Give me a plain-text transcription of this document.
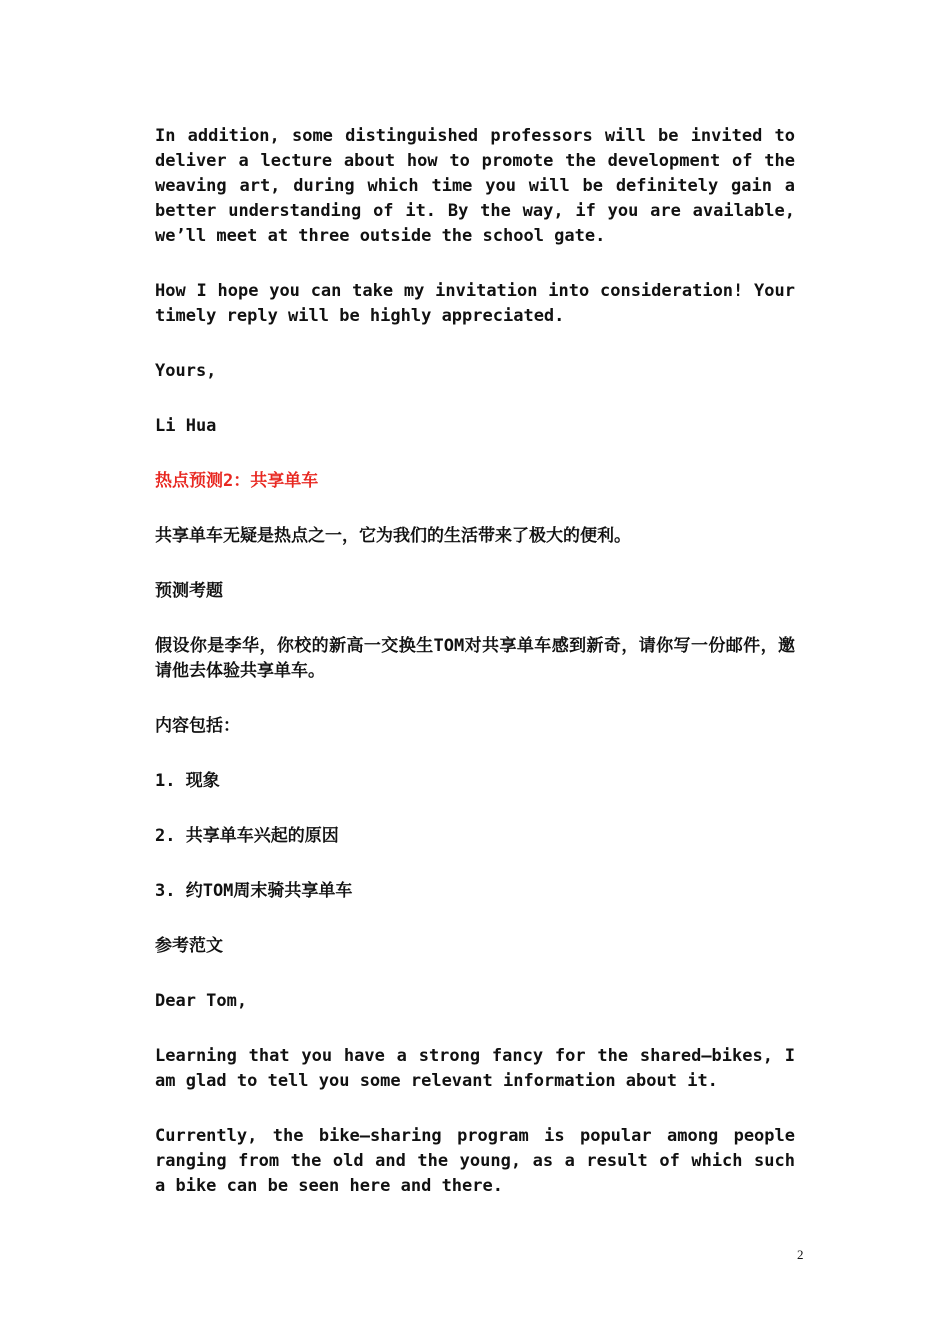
In addition, some distinguished professors will be invited to deliver a lecture about how to promote the development of the weaving art, during which time you will be definitely gain a better understanding of it. By the way, if you are available, we’ll meet at three outside the school gate.

How I hope you can take my invitation into consideration! Your timely reply will be highly appreciated.

Yours,

Li Hua

热点预测2：共享单车

共享单车无疑是热点之一，它为我们的生活带来了极大的便利。

预测考题

假设你是李华，你校的新高一交换生TOM对共享单车感到新奇，请你写一份邮件，邀请他去体验共享单车。

内容包括：

1. 现象

2. 共享单车兴起的原因

3. 约TOM周末骑共享单车

参考范文

Dear Tom,

Learning that you have a strong fancy for the shared—bikes, I am glad to tell you some relevant information about it.

Currently, the bike—sharing program is popular among people ranging from the old and the young, as a result of which such a bike can be seen here and there.

2
